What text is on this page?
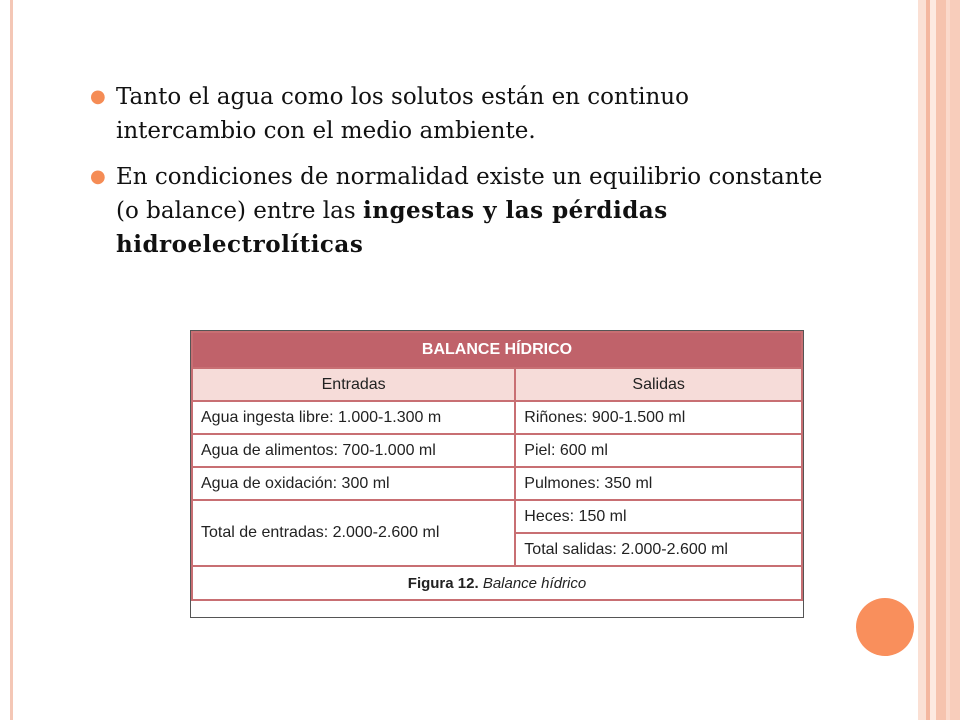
● Tanto el agua como los solutos están en continuo intercambio con el medio ambiente.
● En condiciones de normalidad existe un equilibrio constante (o balance) entre las ingestas y las pérdidas hidroelectrolíticas
BALANCE HÍDRICO	
Entradas	Salidas
Agua ingesta libre: 1.000-1.300 m	Riñones: 900-1.500 ml
Agua de alimentos: 700-1.000 ml	Piel: 600 ml
Agua de oxidación: 300 ml	Pulmones: 350 ml
Total de entradas: 2.000-2.600 ml	Heces: 150 ml
	Total salidas: 2.000-2.600 ml
Figura 12. Balance hídrico	
